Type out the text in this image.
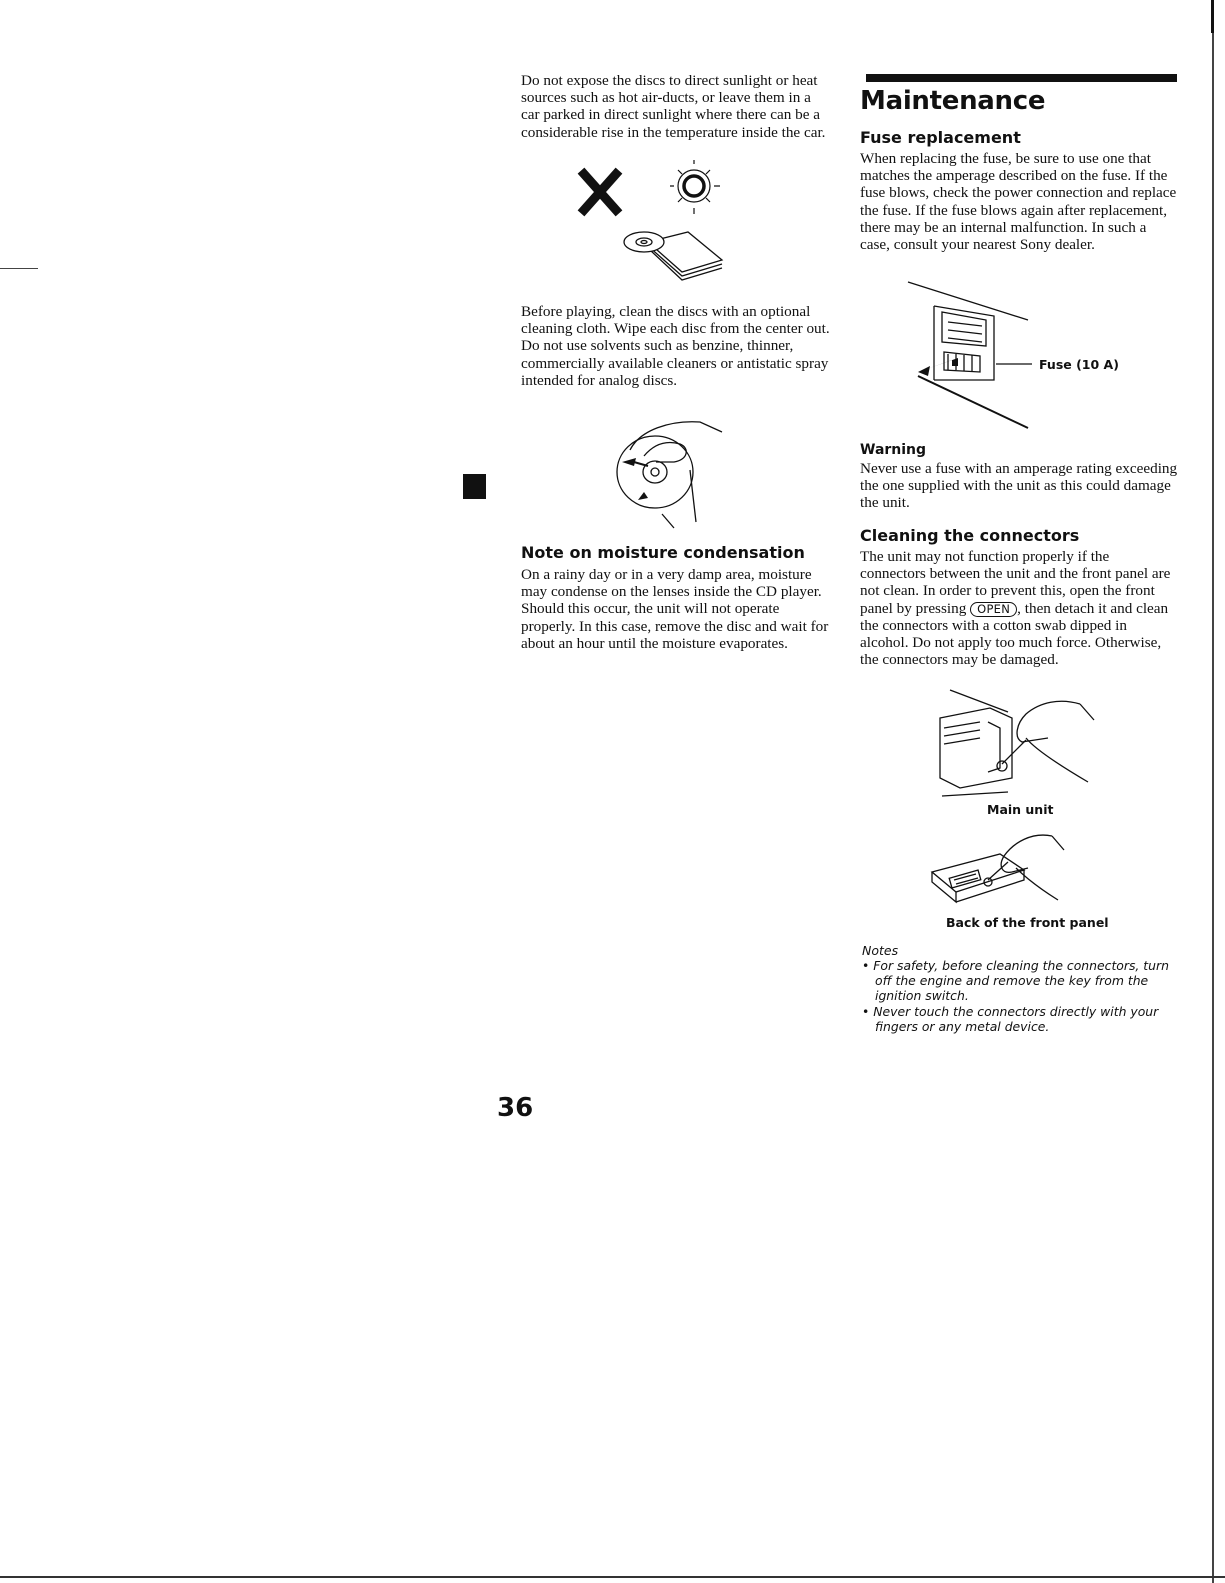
Do not expose the discs to direct sunlight or heat sources such as hot air-ducts, or leave them in a car parked in direct sunlight where there can be a considerable rise in the temperature inside the car.

Before playing, clean the discs with an optional cleaning cloth. Wipe each disc from the center out.

Do not use solvents such as benzine, thinner, commercially available cleaners or antistatic spray intended for analog discs.

Note on moisture condensation

On a rainy day or in a very damp area, moisture may condense on the lenses inside the CD player. Should this occur, the unit will not operate properly. In this case, remove the disc and wait for about an hour until the moisture evaporates.

Maintenance
Fuse replacement

When replacing the fuse, be sure to use one that matches the amperage described on the fuse. If the fuse blows, check the power connection and replace the fuse. If the fuse blows again after replacement, there may be an internal malfunction. In such a case, consult your nearest Sony dealer.

Fuse (10 A)
Warning

Never use a fuse with an amperage rating exceeding the one supplied with the unit as this could damage the unit.

Cleaning the connectors

The unit may not function properly if the connectors between the unit and the front panel are not clean. In order to prevent this, open the front panel by pressing OPEN , then detach it and clean the connectors with a cotton swab dipped in alcohol. Do not apply too much force. Otherwise, the connectors may be damaged.

Main unit
Back of the front panel
Notes
• For safety, before cleaning the connectors, turn off the engine and remove the key from the ignition switch.
• Never touch the connectors directly with your fingers or any metal device.
36
